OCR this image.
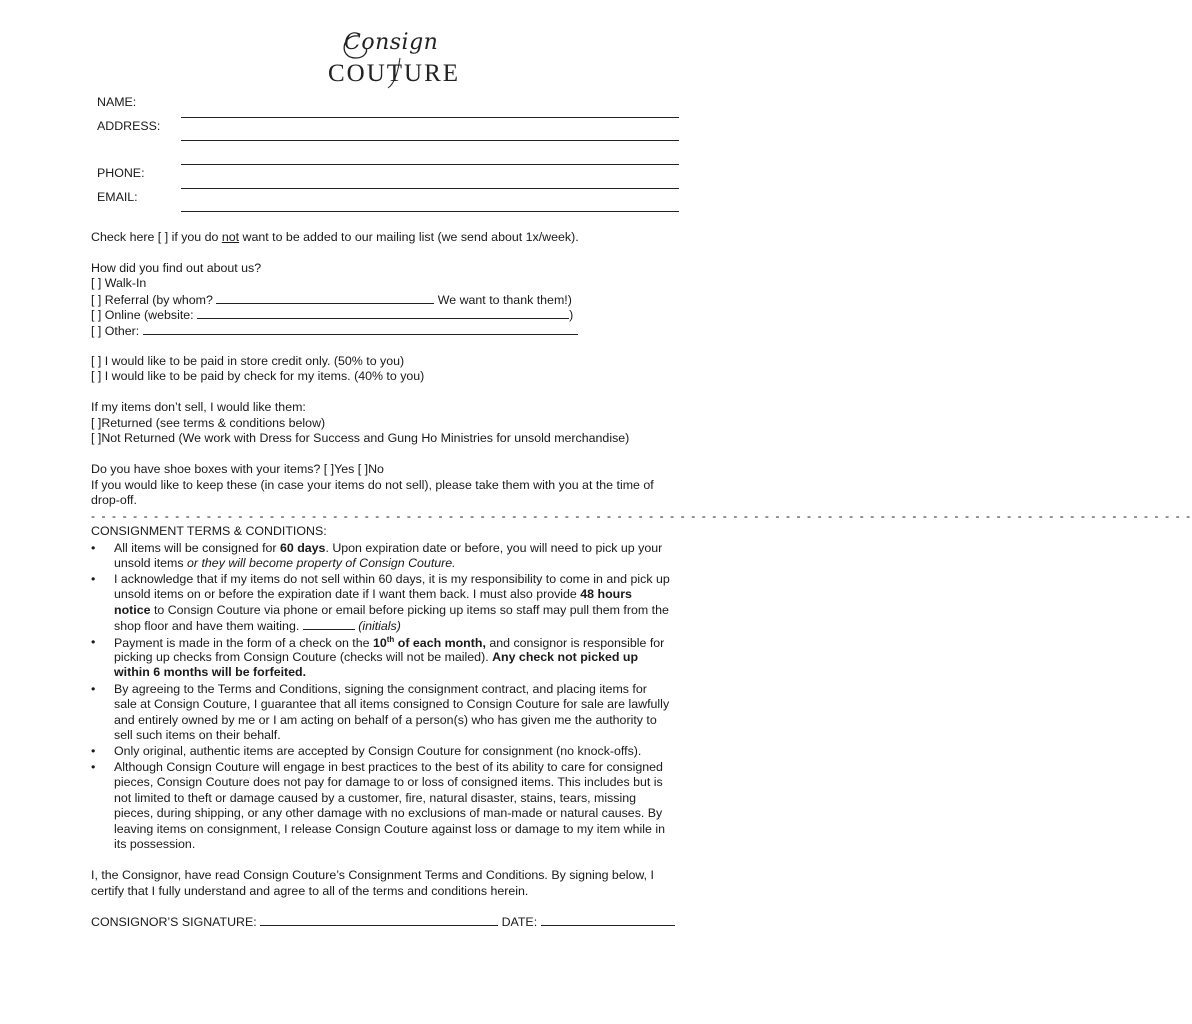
Consign
COUTURE
NAME:
ADDRESS:
PHONE:
EMAIL:
Check here [ ] if you do not want to be added to our mailing list (we send about 1x/week).
How did you find out about us?
[ ] Walk-In
[ ] Referral (by whom?	We want to thank them!)
[ ] Online (website:	)
[ ] Other:
[ ] I would like to be paid in store credit only. (50% to you)
[ ] I would like to be paid by check for my items. (40% to you)
If my items don’t sell, I would like them:
[ ]Returned (see terms & conditions below)
[ ]Not Returned (We work with Dress for Success and Gung Ho Ministries for unsold merchandise)
Do you have shoe boxes with your items? [ ]Yes [ ]No
If you would like to keep these (in case your items do not sell), please take them with you at the time of
drop-off.
- - - - - - - - - - - - - - - - - - - - - - - - - - - - - - - - - - - - - - - - - - - - - - - - - - - - - - - - - - - - - - - - - - - - - - - - - - - - - - - - - - - - - - - - - - - - - - - - - - - - - - - - -
CONSIGNMENT TERMS & CONDITIONS:
•	All items will be consigned for 60 days. Upon expiration date or before, you will need to pick up your
unsold items or they will become property of Consign Couture.
•	I acknowledge that if my items do not sell within 60 days, it is my responsibility to come in and pick up
unsold items on or before the expiration date if I want them back. I must also provide 48 hours
notice to Consign Couture via phone or email before picking up items so staff may pull them from the
shop floor and have them waiting.	(initials)
•	Payment is made in the form of a check on the 10th of each month, and consignor is responsible for
picking up checks from Consign Couture (checks will not be mailed). Any check not picked up
within 6 months will be forfeited.
•	By agreeing to the Terms and Conditions, signing the consignment contract, and placing items for
sale at Consign Couture, I guarantee that all items consigned to Consign Couture for sale are lawfully
and entirely owned by me or I am acting on behalf of a person(s) who has given me the authority to
sell such items on their behalf.
•	Only original, authentic items are accepted by Consign Couture for consignment (no knock-offs).
•	Although Consign Couture will engage in best practices to the best of its ability to care for consigned
pieces, Consign Couture does not pay for damage to or loss of consigned items. This includes but is
not limited to theft or damage caused by a customer, fire, natural disaster, stains, tears, missing
pieces, during shipping, or any other damage with no exclusions of man-made or natural causes. By
leaving items on consignment, I release Consign Couture against loss or damage to my item while in
its possession.
I, the Consignor, have read Consign Couture’s Consignment Terms and Conditions. By signing below, I
certify that I fully understand and agree to all of the terms and conditions herein.
CONSIGNOR’S SIGNATURE:	DATE:
